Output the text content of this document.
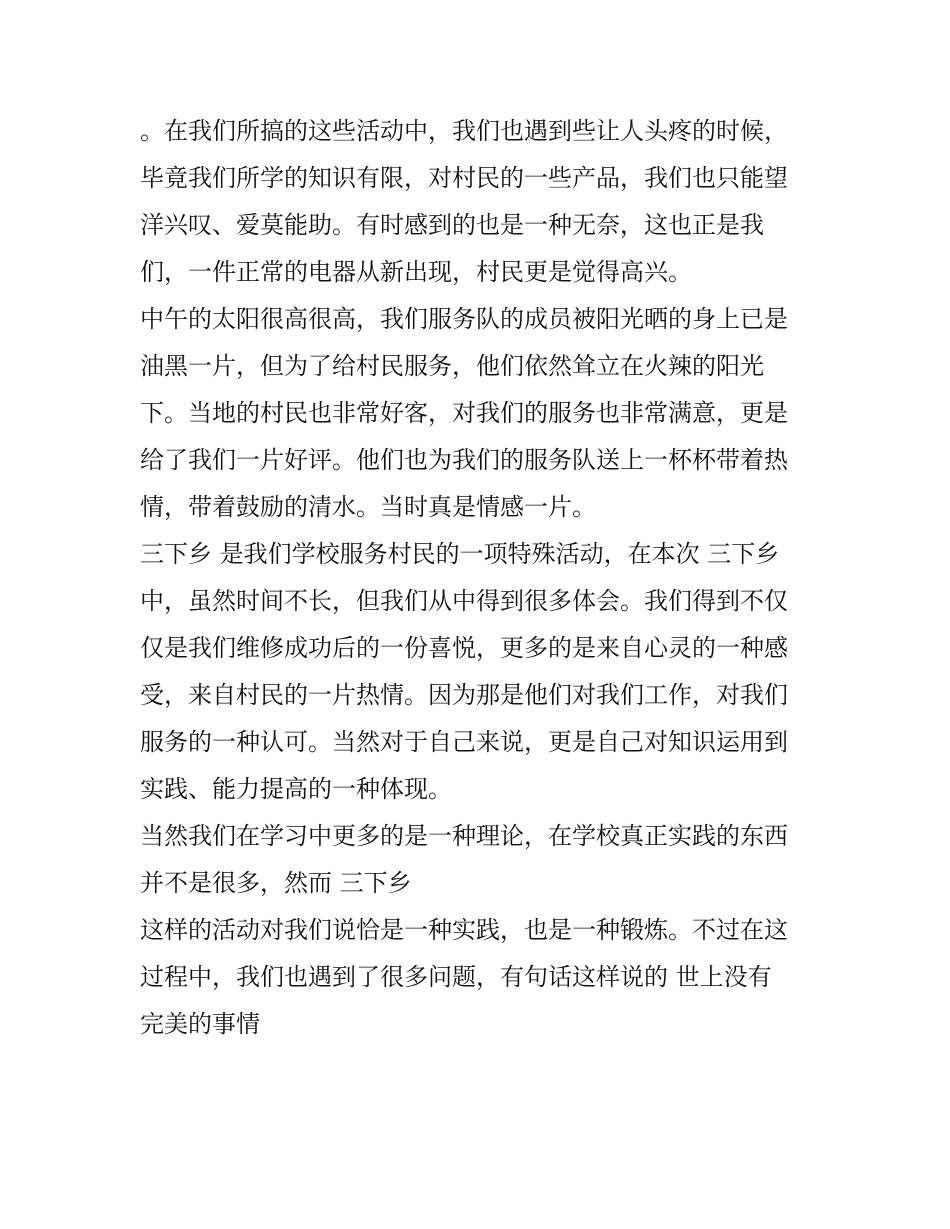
。在我们所搞的这些活动中，我们也遇到些让人头疼的时候，
毕竟我们所学的知识有限，对村民的一些产品，我们也只能望
洋兴叹、爱莫能助。有时感到的也是一种无奈，这也正是我
们，一件正常的电器从新出现，村民更是觉得高兴。
中午的太阳很高很高，我们服务队的成员被阳光晒的身上已是
油黑一片，但为了给村民服务，他们依然耸立在火辣的阳光
下。当地的村民也非常好客，对我们的服务也非常满意，更是
给了我们一片好评。他们也为我们的服务队送上一杯杯带着热
情，带着鼓励的清水。当时真是情感一片。
三下乡 是我们学校服务村民的一项特殊活动，在本次 三下乡
中，虽然时间不长，但我们从中得到很多体会。我们得到不仅
仅是我们维修成功后的一份喜悦，更多的是来自心灵的一种感
受，来自村民的一片热情。因为那是他们对我们工作，对我们
服务的一种认可。当然对于自己来说，更是自己对知识运用到
实践、能力提高的一种体现。
当然我们在学习中更多的是一种理论，在学校真正实践的东西
并不是很多，然而 三下乡
这样的活动对我们说恰是一种实践，也是一种锻炼。不过在这
过程中，我们也遇到了很多问题，有句话这样说的 世上没有
完美的事情
